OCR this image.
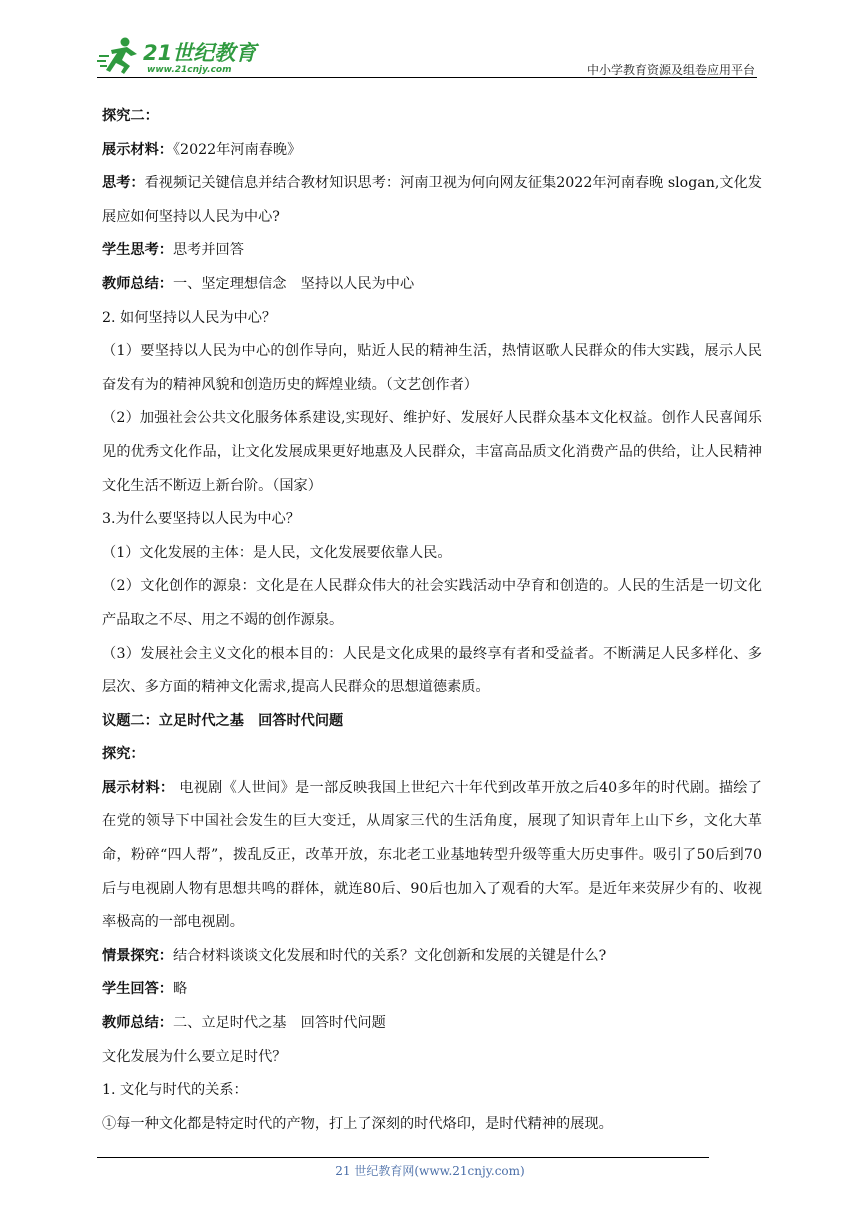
21世纪教育
www.21cnjy.com	中小学教育资源及组卷应用平台

探究二：

展示材料：《2022年河南春晚》

思考：看视频记关键信息并结合教材知识思考：河南卫视为何向网友征集2022年河南春晚 slogan,文化发展应如何坚持以人民为中心?

学生思考：思考并回答

教师总结：一、坚定理想信念　坚持以人民为中心

2. 如何坚持以人民为中心？

（1）要坚持以人民为中心的创作导向，贴近人民的精神生活，热情讴歌人民群众的伟大实践，展示人民奋发有为的精神风貌和创造历史的辉煌业绩。（文艺创作者）

（2）加强社会公共文化服务体系建设,实现好、维护好、发展好人民群众基本文化权益。创作人民喜闻乐见的优秀文化作品，让文化发展成果更好地惠及人民群众，丰富高品质文化消费产品的供给，让人民精神文化生活不断迈上新台阶。（国家）

3.为什么要坚持以人民为中心？

（1）文化发展的主体：是人民，文化发展要依靠人民。

（2）文化创作的源泉：文化是在人民群众伟大的社会实践活动中孕育和创造的。人民的生活是一切文化产品取之不尽、用之不竭的创作源泉。

（3）发展社会主义文化的根本目的：人民是文化成果的最终享有者和受益者。不断满足人民多样化、多层次、多方面的精神文化需求,提高人民群众的思想道德素质。

议题二：立足时代之基　回答时代问题

探究：

展示材料： 电视剧《人世间》是一部反映我国上世纪六十年代到改革开放之后40多年的时代剧。描绘了在党的领导下中国社会发生的巨大变迁，从周家三代的生活角度，展现了知识青年上山下乡，文化大革命，粉碎“四人帮”，拨乱反正，改革开放，东北老工业基地转型升级等重大历史事件。吸引了50后到70后与电视剧人物有思想共鸣的群体，就连80后、90后也加入了观看的大军。是近年来荧屏少有的、收视率极高的一部电视剧。

情景探究：结合材料谈谈文化发展和时代的关系？文化创新和发展的关键是什么?

学生回答：略

教师总结：二、立足时代之基　回答时代问题

文化发展为什么要立足时代？

1. 文化与时代的关系：

①每一种文化都是特定时代的产物，打上了深刻的时代烙印，是时代精神的展现。

21 世纪教育网(www.21cnjy.com)
